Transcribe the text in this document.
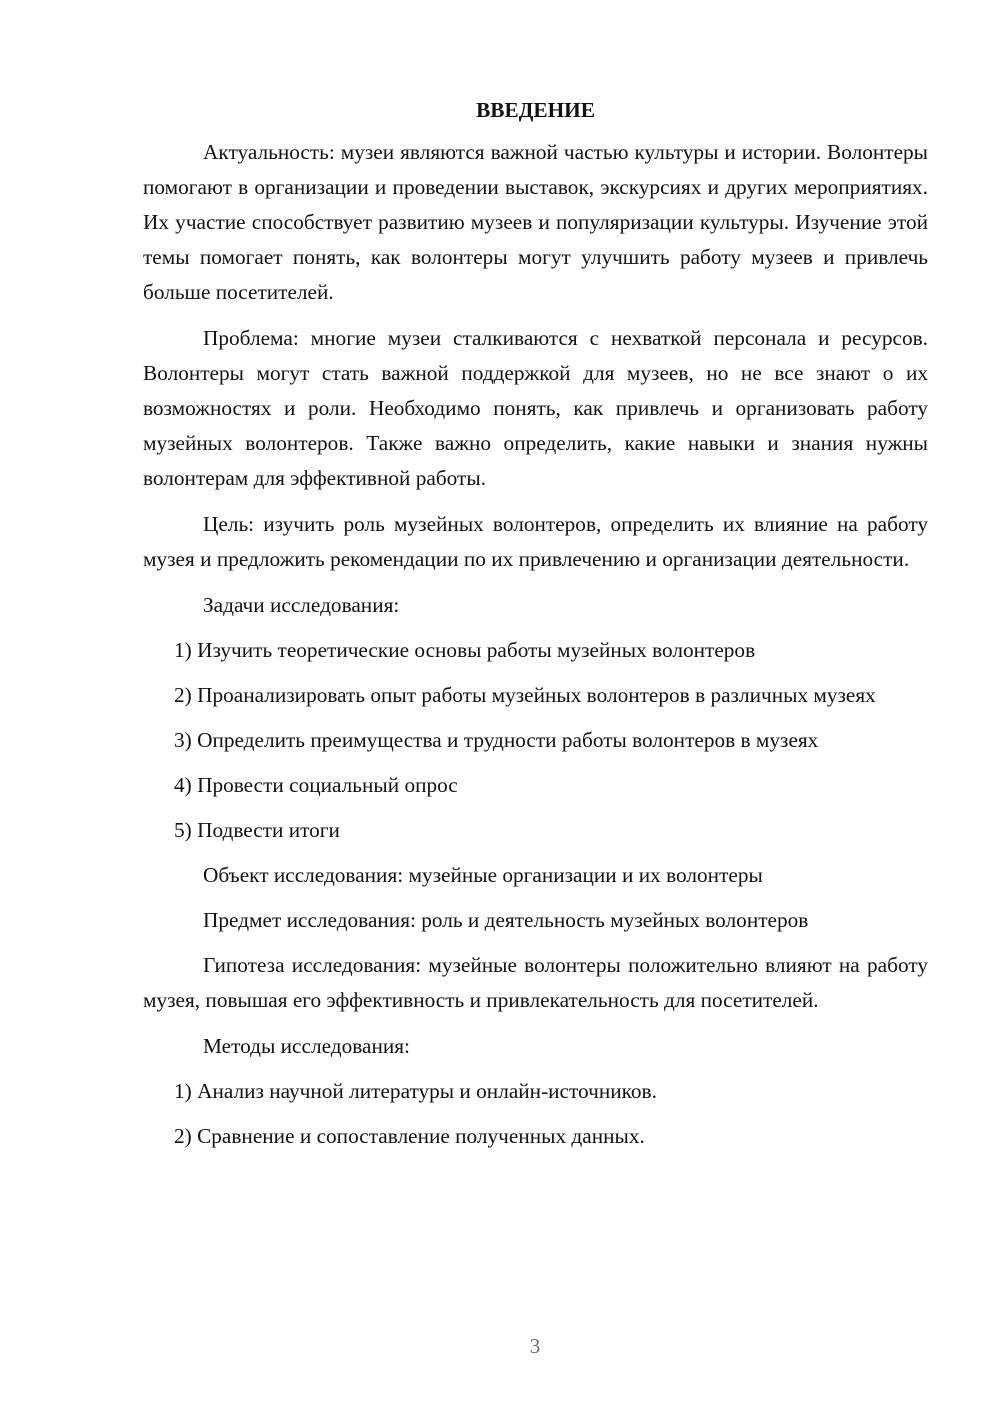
ВВЕДЕНИЕ

Актуальность: музеи являются важной частью культуры и истории. Волонтеры помогают в организации и проведении выставок, экскурсиях и других мероприятиях. Их участие способствует развитию музеев и популяризации культуры. Изучение этой темы помогает понять, как волонтеры могут улучшить работу музеев и привлечь больше посетителей.

Проблема: многие музеи сталкиваются с нехваткой персонала и ресурсов. Волонтеры могут стать важной поддержкой для музеев, но не все знают о их возможностях и роли. Необходимо понять, как привлечь и организовать работу музейных волонтеров. Также важно определить, какие навыки и знания нужны волонтерам для эффективной работы.

Цель: изучить роль музейных волонтеров, определить их влияние на работу музея и предложить рекомендации по их привлечению и организации деятельности.

Задачи исследования:

1) Изучить теоретические основы работы музейных волонтеров

2) Проанализировать опыт работы музейных волонтеров в различных музеях

3) Определить преимущества и трудности работы волонтеров в музеях

4) Провести социальный опрос

5) Подвести итоги

Объект исследования: музейные организации и их волонтеры

Предмет исследования: роль и деятельность музейных волонтеров

Гипотеза исследования: музейные волонтеры положительно влияют на работу музея, повышая его эффективность и привлекательность для посетителей.

Методы исследования:

1) Анализ научной литературы и онлайн-источников.

2) Сравнение и сопоставление полученных данных.

3
